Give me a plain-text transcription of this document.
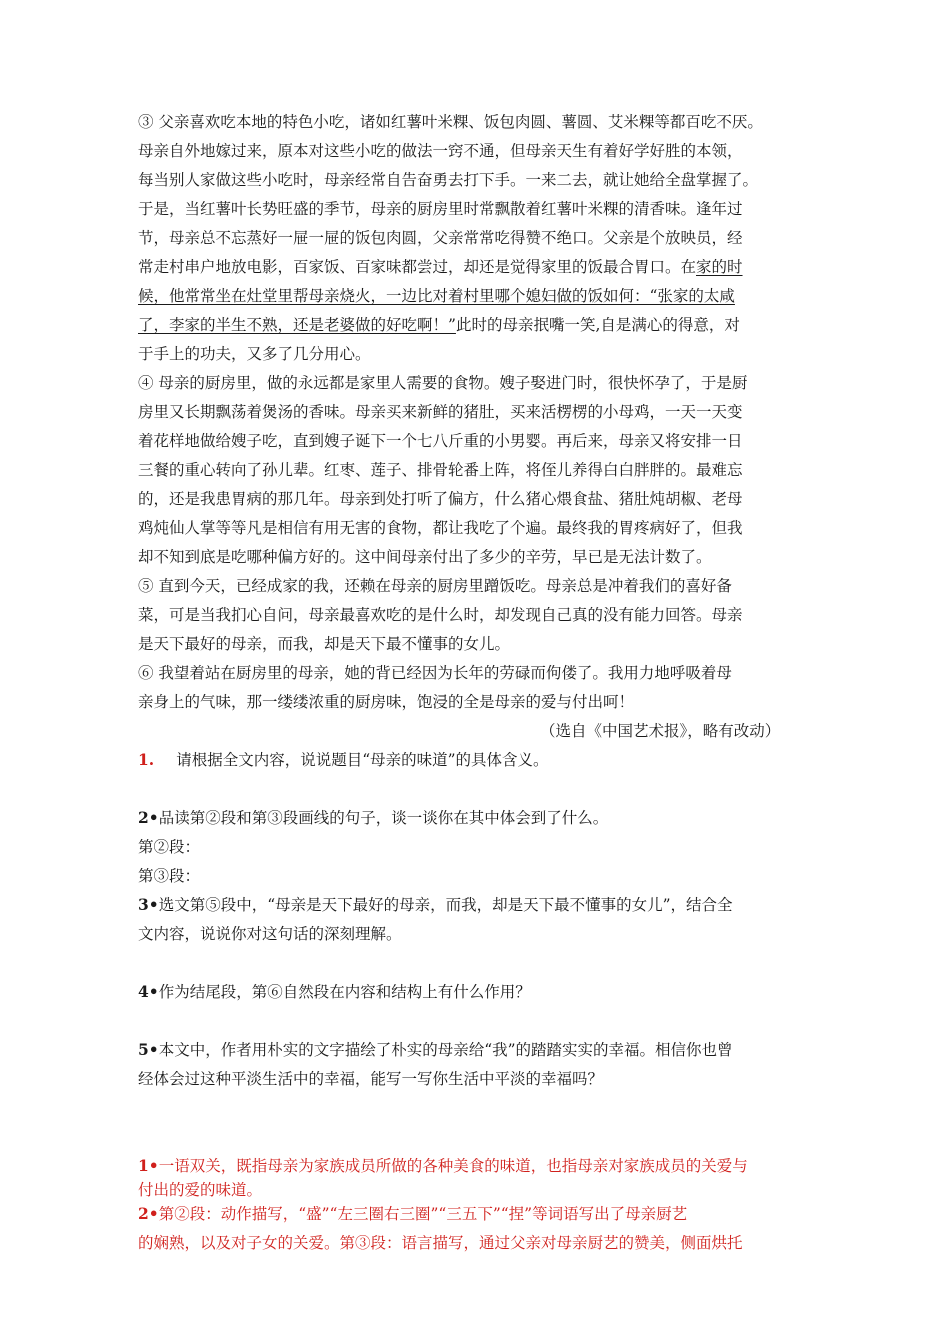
③ 父亲喜欢吃本地的特色小吃，诸如红薯叶米粿、饭包肉圆、薯圆、艾米粿等都百吃不厌。
母亲自外地嫁过来，原本对这些小吃的做法一窍不通，但母亲天生有着好学好胜的本领，
每当别人家做这些小吃时，母亲经常自告奋勇去打下手。一来二去，就让她给全盘掌握了。
于是，当红薯叶长势旺盛的季节，母亲的厨房里时常飘散着红薯叶米粿的清香味。逢年过
节，母亲总不忘蒸好一屉一屉的饭包肉圆，父亲常常吃得赞不绝口。父亲是个放映员，经
常走村串户地放电影，百家饭、百家味都尝过，却还是觉得家里的饭最合胃口。在家的时
候，他常常坐在灶堂里帮母亲烧火，一边比对着村里哪个媳妇做的饭如何：“张家的太咸
了，李家的半生不熟，还是老婆做的好吃啊！”此时的母亲抿嘴一笑,自是满心的得意，对
于手上的功夫，又多了几分用心。
④ 母亲的厨房里，做的永远都是家里人需要的食物。嫂子娶进门时，很快怀孕了，于是厨
房里又长期飘荡着煲汤的香味。母亲买来新鲜的猪肚，买来活楞楞的小母鸡，一天一天变
着花样地做给嫂子吃，直到嫂子诞下一个七八斤重的小男婴。再后来，母亲又将安排一日
三餐的重心转向了孙儿辈。红枣、莲子、排骨轮番上阵，将侄儿养得白白胖胖的。最难忘
的，还是我患胃病的那几年。母亲到处打听了偏方，什么猪心煨食盐、猪肚炖胡椒、老母
鸡炖仙人掌等等凡是相信有用无害的食物，都让我吃了个遍。最终我的胃疼病好了，但我
却不知到底是吃哪种偏方好的。这中间母亲付出了多少的辛劳，早已是无法计数了。
⑤ 直到今天，已经成家的我，还赖在母亲的厨房里蹭饭吃。母亲总是冲着我们的喜好备
菜，可是当我扪心自问，母亲最喜欢吃的是什么时，却发现自己真的没有能力回答。母亲
是天下最好的母亲，而我，却是天下最不懂事的女儿。
⑥ 我望着站在厨房里的母亲，她的背已经因为长年的劳碌而佝偻了。我用力地呼吸着母
亲身上的气味，那一缕缕浓重的厨房味，饱浸的全是母亲的爱与付出呵！
（选自《中国艺术报》，略有改动）
1. 请根据全文内容，说说题目“母亲的味道”的具体含义。
2•品读第②段和第③段画线的句子，谈一谈你在其中体会到了什么。
第②段：
第③段：
3•选文第⑤段中，“母亲是天下最好的母亲，而我，却是天下最不懂事的女儿”，结合全
文内容，说说你对这句话的深刻理解。
4•作为结尾段，第⑥自然段在内容和结构上有什么作用？
5•本文中，作者用朴实的文字描绘了朴实的母亲给“我”的踏踏实实的幸福。相信你也曾
经体会过这种平淡生活中的幸福，能写一写你生活中平淡的幸福吗？
1•一语双关，既指母亲为家族成员所做的各种美食的味道，也指母亲对家族成员的关爱与
付出的爱的味道。
2•第②段：动作描写，“盛”“左三圈右三圈”“三五下”“捏”等词语写出了母亲厨艺
的娴熟，以及对子女的关爱。第③段：语言描写，通过父亲对母亲厨艺的赞美，侧面烘托
